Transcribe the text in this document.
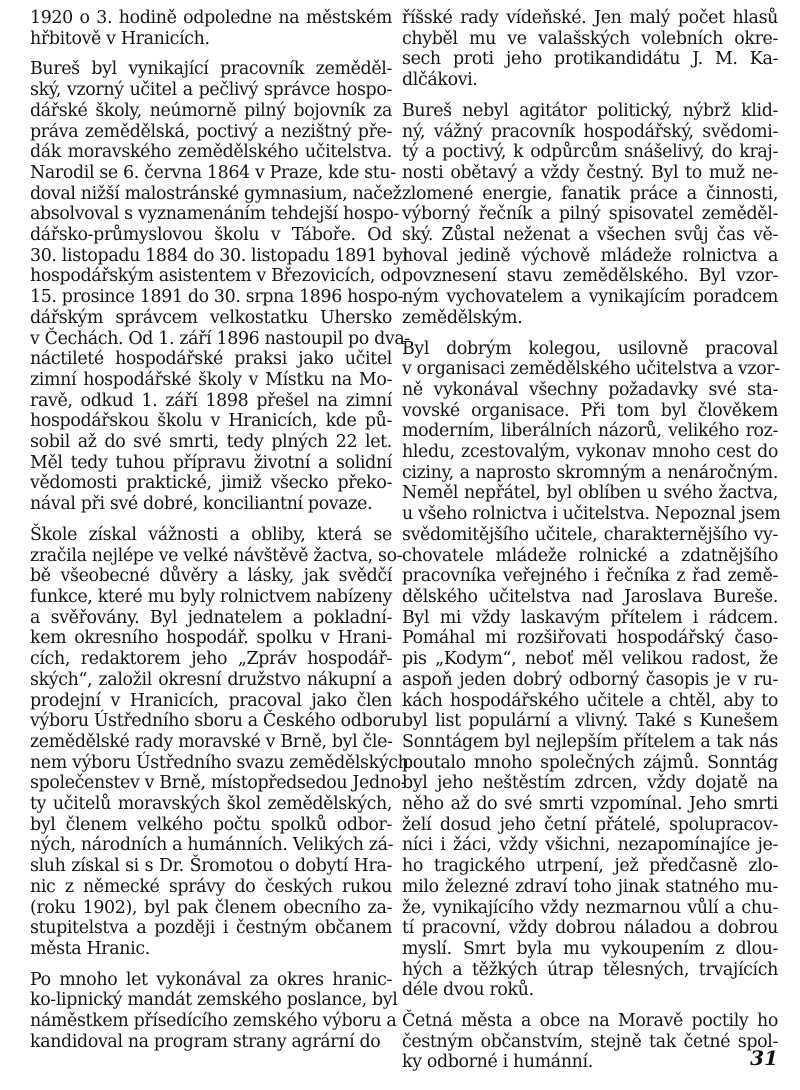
1920 o 3. hodině odpoledne na městském
hřbitově v Hranicích.

Bureš byl vynikající pracovník zeměděl-
ský, vzorný učitel a pečlivý správce hospo-
dářské školy, neúmorně pilný bojovník za
práva zemědělská, poctivý a nezištný pře-
dák moravského zemědělského učitelstva.
Narodil se 6. června 1864 v Praze, kde stu-
doval nižší malostránské gymnasium, načež
absolvoval s vyznamenáním tehdejší hospo-
dářsko-průmyslovou školu v Táboře. Od
30. listopadu 1884 do 30. listopadu 1891 byl
hospodářským asistentem v Březovicích, od
15. prosince 1891 do 30. srpna 1896 hospo-
dářským správcem velkostatku Uhersko
v Čechách. Od 1. září 1896 nastoupil po dva-
náctileté hospodářské praksi jako učitel
zimní hospodářské školy v Místku na Mo-
ravě, odkud 1. září 1898 přešel na zimní
hospodářskou školu v Hranicích, kde pů-
sobil až do své smrti, tedy plných 22 let.
Měl tedy tuhou přípravu životní a solidní
vědomosti praktické, jimiž všecko překo-
nával při své dobré, konciliantní povaze.

Škole získal vážnosti a obliby, která se
zračila nejlépe ve velké návštěvě žactva, so-
bě všeobecné důvěry a lásky, jak svědčí
funkce, které mu byly rolnictvem nabízeny
a svěřovány. Byl jednatelem a pokladní-
kem okresního hospodář. spolku v Hrani-
cích, redaktorem jeho „Zpráv hospodář-
ských“, založil okresní družstvo nákupní a
prodejní v Hranicích, pracoval jako člen
výboru Ústředního sboru a Českého odboru
zemědělské rady moravské v Brně, byl čle-
nem výboru Ústředního svazu zemědělských
společenstev v Brně, místopředsedou Jedno-
ty učitelů moravských škol zemědělských,
byl členem velkého počtu spolků odbor-
ných, národních a humánních. Velikých zá-
sluh získal si s Dr. Šromotou o dobytí Hra-
nic z německé správy do českých rukou
(roku 1902), byl pak členem obecního za-
stupitelstva a později i čestným občanem
města Hranic.

Po mnoho let vykonával za okres hranic-
ko-lipnický mandát zemského poslance, byl
náměstkem přísedícího zemského výboru a
kandidoval na program strany agrární do

říšské rady vídeňské. Jen malý počet hlasů
chyběl mu ve valašských volebních okre-
sech proti jeho protikandidátu J. M. Ka-
dlčákovi.

Bureš nebyl agitátor politický, nýbrž klid-
ný, vážný pracovník hospodářský, svědomi-
tý a poctivý, k odpůrcům snášelivý, do kraj-
nosti obětavý a vždy čestný. Byl to muž ne-
zlomené energie, fanatik práce a činnosti,
výborný řečník a pilný spisovatel zeměděl-
ský. Zůstal neženat a všechen svůj čas vě-
noval jedině výchově mládeže rolnictva a
povznesení stavu zemědělského. Byl vzor-
ným vychovatelem a vynikajícím poradcem
zemědělským.

Byl dobrým kolegou, usilovně pracoval
v organisaci zemědělského učitelstva a vzor-
ně vykonával všechny požadavky své sta-
vovské organisace. Při tom byl člověkem
moderním, liberálních názorů, velikého roz-
hledu, zcestovalým, vykonav mnoho cest do
ciziny, a naprosto skromným a nenáročným.
Neměl nepřátel, byl oblíben u svého žactva,
u všeho rolnictva i učitelstva. Nepoznal jsem
svědomitějšího učitele, charakternějšího vy-
chovatele mládeže rolnické a zdatnějšího
pracovníka veřejného i řečníka z řad země-
dělského učitelstva nad Jaroslava Bureše.
Byl mi vždy laskavým přítelem i rádcem.
Pomáhal mi rozšiřovati hospodářský časo-
pis „Kodym“, neboť měl velikou radost, že
aspoň jeden dobrý odborný časopis je v ru-
kách hospodářského učitele a chtěl, aby to
byl list populární a vlivný. Také s Kunešem
Sonntágem byl nejlepším přítelem a tak nás
poutalo mnoho společných zájmů. Sonntág
byl jeho neštěstím zdrcen, vždy dojatě na
něho až do své smrti vzpomínal. Jeho smrti
želí dosud jeho četní přátelé, spolupracov-
níci i žáci, vždy všichni, nezapomínajíce je-
ho tragického utrpení, jež předčasně zlo-
milo železné zdraví toho jinak statného mu-
že, vynikajícího vždy nezmarnou vůlí a chu-
tí pracovní, vždy dobrou náladou a dobrou
myslí. Smrt byla mu vykoupením z dlou-
hých a těžkých útrap tělesných, trvajících
déle dvou roků.

Četná města a obce na Moravě poctily ho
čestným občanstvím, stejně tak četné spol-
ky odborné i humánní.	31
